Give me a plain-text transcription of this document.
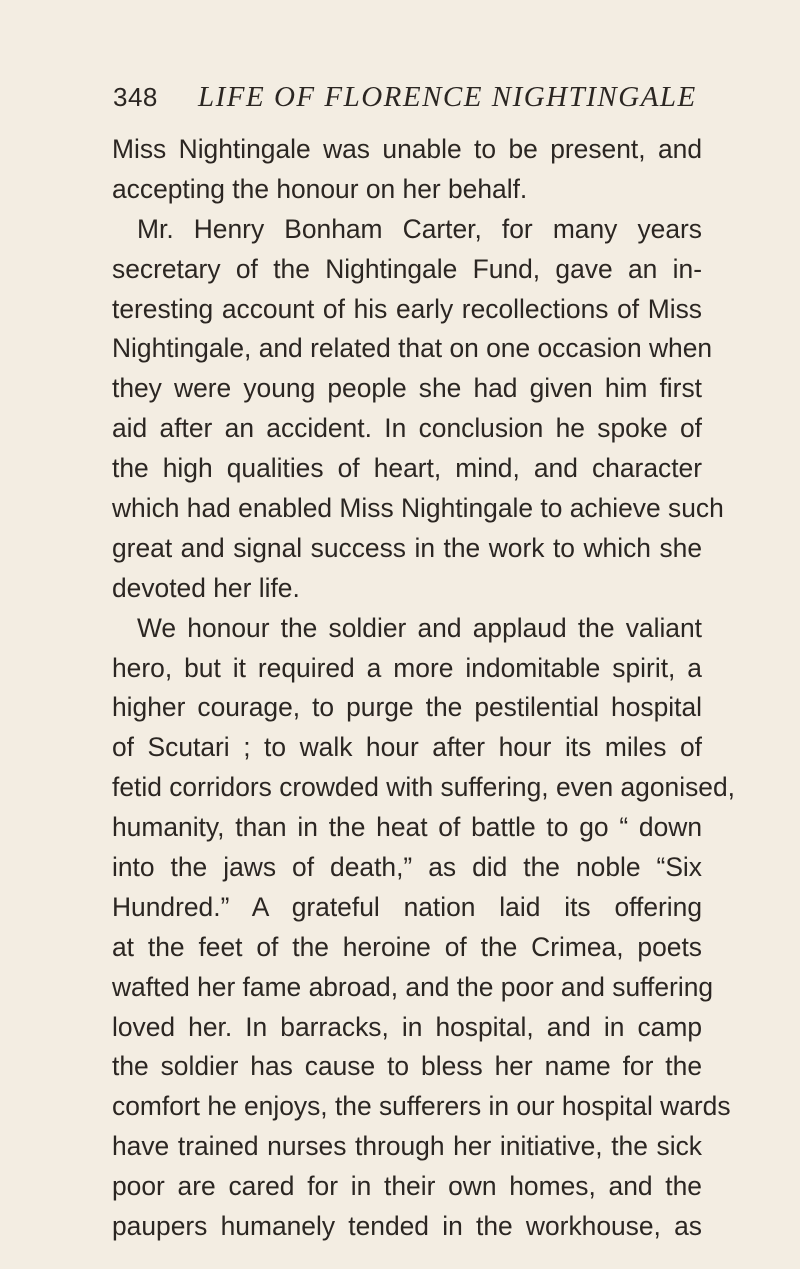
348 LIFE OF FLORENCE NIGHTINGALE
Miss Nightingale was unable to be present, and
accepting the honour on her behalf.
Mr. Henry Bonham Carter, for many years
secretary of the Nightingale Fund, gave an in-
teresting account of his early recollections of Miss
Nightingale, and related that on one occasion when
they were young people she had given him first
aid after an accident. In conclusion he spoke of
the high qualities of heart, mind, and character
which had enabled Miss Nightingale to achieve such
great and signal success in the work to which she
devoted her life.
We honour the soldier and applaud the valiant
hero, but it required a more indomitable spirit, a
higher courage, to purge the pestilential hospital
of Scutari ; to walk hour after hour its miles of
fetid corridors crowded with suffering, even agonised,
humanity, than in the heat of battle to go “ down
into the jaws of death,” as did the noble “Six
Hundred.” A grateful nation laid its offering
at the feet of the heroine of the Crimea, poets
wafted her fame abroad, and the poor and suffering
loved her. In barracks, in hospital, and in camp
the soldier has cause to bless her name for the
comfort he enjoys, the sufferers in our hospital wards
have trained nurses through her initiative, the sick
poor are cared for in their own homes, and the
paupers humanely tended in the workhouse, as
